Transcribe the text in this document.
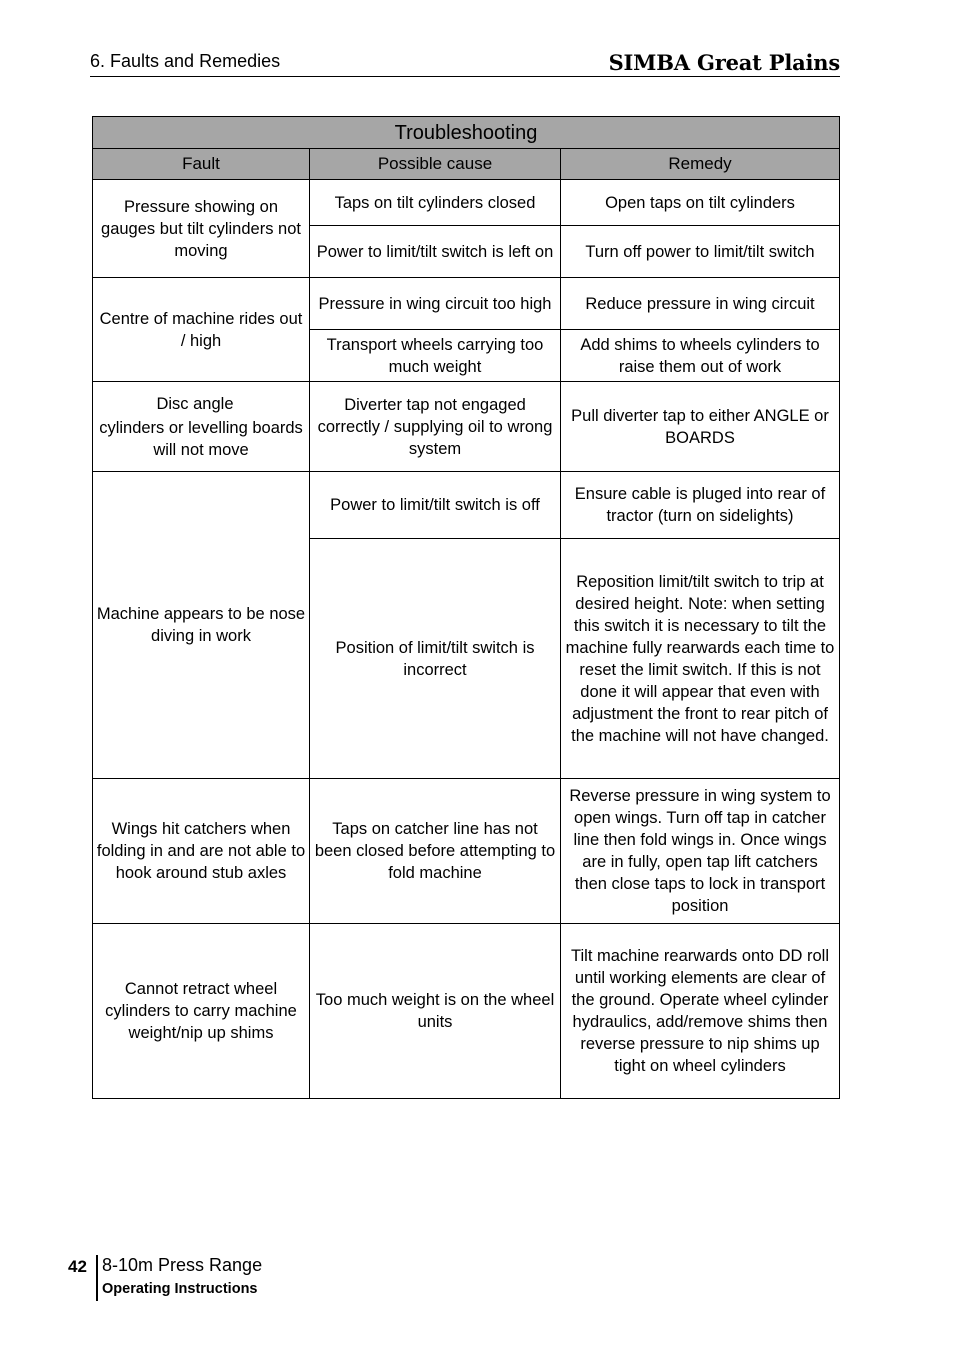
6. Faults and Remedies	SIMBA Great Plains
Troubleshooting		
Fault	Possible cause	Remedy
Pressure showing on gauges but tilt cylinders not moving	Taps on tilt cylinders closed	Open taps on tilt cylinders
	Power to limit/tilt switch is left on	Turn off power to limit/tilt switch
Centre of machine rides out / high	Pressure in wing circuit too high	Reduce pressure in wing circuit
	Transport wheels carrying too much weight	Add shims to wheels cylinders to raise them out of work

Disc angle
cylinders or levelling boards will not move	Diverter tap not engaged correctly / supplying oil to wrong system	Pull diverter tap to either ANGLE or BOARDS
Machine appears to be nose diving in work	Power to limit/tilt switch is off	Ensure cable is pluged into rear of tractor (turn on sidelights)
	Position of limit/tilt switch is incorrect	Reposition limit/tilt switch to trip at desired height. Note: when setting this switch it is necessary to tilt the machine fully rearwards each time to reset the limit switch. If this is not done it will appear that even with adjustment the front to rear pitch of the machine will not have changed.
Wings hit catchers when folding in and are not able to hook around stub axles	Taps on catcher line has not been closed before attempting to fold machine	Reverse pressure in wing system to open wings. Turn off tap in catcher line then fold wings in. Once wings are in fully, open tap lift catchers then close taps to lock in transport position
Cannot retract wheel cylinders to carry machine weight/nip up shims	Too much weight is on the wheel units	Tilt machine rearwards onto DD roll until working elements are clear of the ground. Operate wheel cylinder hydraulics, add/remove shims then reverse pressure to nip shims up tight on wheel cylinders
42 8-10m Press Range
Operating Instructions
